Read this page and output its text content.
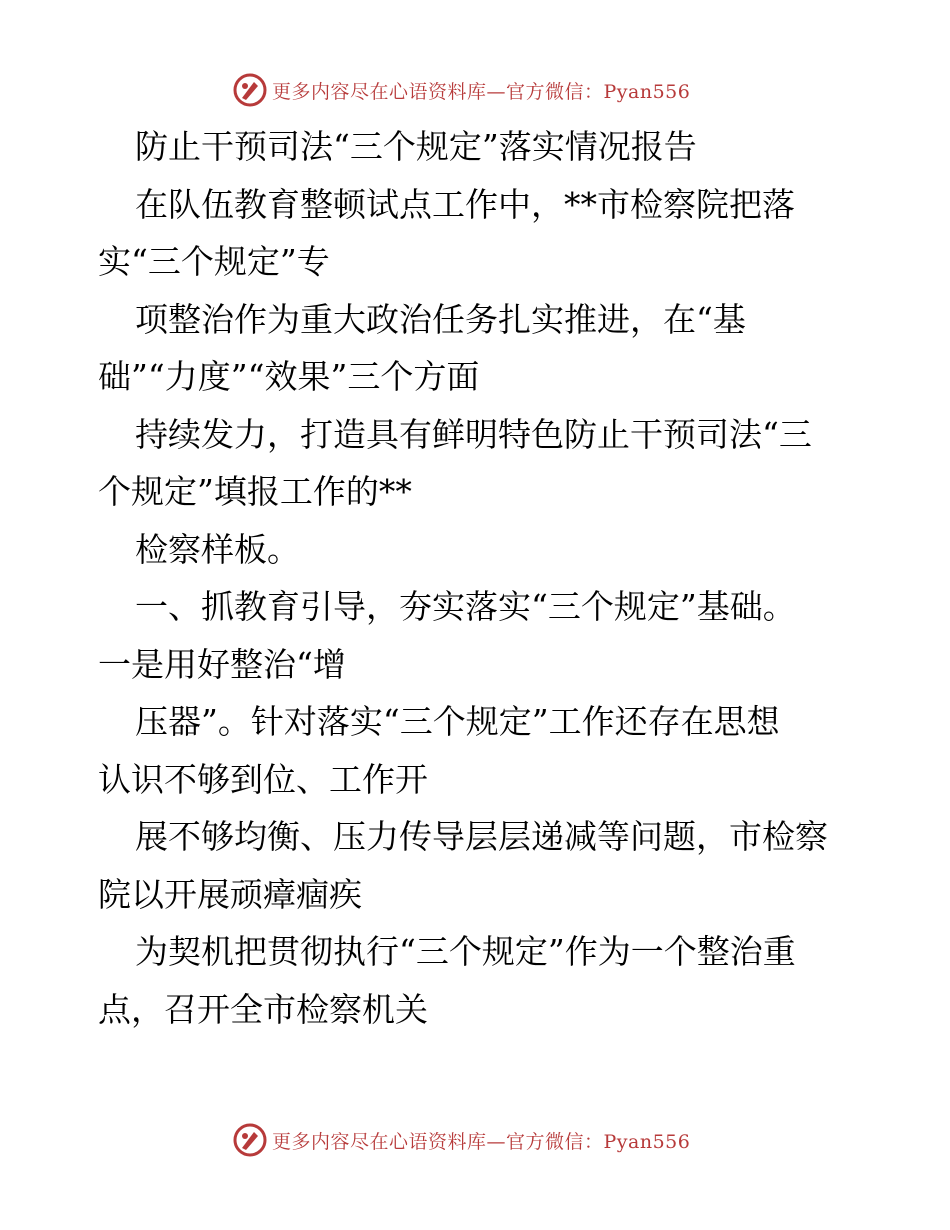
更多内容尽在心语资料库—官方微信：Pyan556
防止干预司法“三个规定”落实情况报告
在队伍教育整顿试点工作中，**市检察院把落
实“三个规定”专
项整治作为重大政治任务扎实推进，在“基
础”“力度”“效果”三个方面
持续发力，打造具有鲜明特色防止干预司法“三
个规定”填报工作的**
检察样板。
一、抓教育引导，夯实落实“三个规定”基础。
一是用好整治“增
压器”。针对落实“三个规定”工作还存在思想
认识不够到位、工作开
展不够均衡、压力传导层层递减等问题，市检察
院以开展顽瘴痼疾
为契机把贯彻执行“三个规定”作为一个整治重
点，召开全市检察机关
更多内容尽在心语资料库—官方微信：Pyan556
